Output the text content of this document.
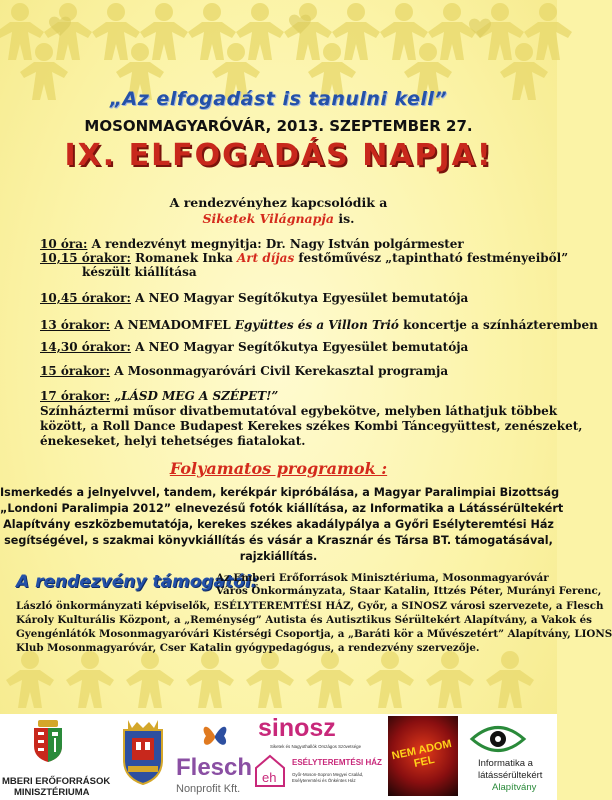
„Az elfogadást is tanulni kell”
MOSONMAGYARÓVÁR, 2013. SZEPTEMBER 27.
IX. ELFOGADÁS NAPJA!
A rendezvényhez kapcsolódik a
Siketek Világnapja is.
10 óra: A rendezvényt megnyitja: Dr. Nagy István polgármester
10,15 órakor: Romanek Inka Art díjas festőművész „tapintható festményeiből”
készült kiállítása
10,45 órakor: A NEO Magyar Segítőkutya Egyesület bemutatója
13 órakor: A NEMADOMFEL Együttes és a Villon Trió koncertje a színházteremben
14,30 órakor: A NEO Magyar Segítőkutya Egyesület bemutatója
15 órakor: A Mosonmagyaróvári Civil Kerekasztal programja
17 órakor: „LÁSD MEG A SZÉPET!”
Színháztermi műsor divatbemutatóval egybekötve, melyben láthatjuk többek
között, a Roll Dance Budapest Kerekes székes Kombi Táncegyüttest, zenészeket,
énekeseket, helyi tehetséges fiatalokat.
Folyamatos programok :
Ismerkedés a jelnyelvvel, tandem, kerékpár kipróbálása, a Magyar Paralimpiai Bizottság
„Londoni Paralimpia 2012” elnevezésű fotók kiállítása, az Informatika a Látássérültekért
Alapítvány eszközbemutatója, kerekes székes akadálypálya a Győri Esélyteremtési Ház
segítségével, s szakmai könyvkiállítás és vásár a Krasznár és Társa BT. támogatásával,
rajzkiállítás.
A rendezvény támogatói:
Az Emberi Erőforrások Minisztériuma, Mosonmagyaróvár
Város Önkormányzata, Staar Katalin, Ittzés Péter, Murányi Ferenc,
László önkormányzati képviselők, ESÉLYTEREMTÉSI HÁZ, Győr, a SINOSZ városi szervezete, a Flesch
Károly Kulturális Központ, a „Reménység” Autista és Autisztikus Sérültekért Alapítvány, a Vakok és
Gyengénlátók Mosonmagyaróvári Kistérségi Csoportja, a „Baráti kör a Művészetért” Alapítvány, LIONS
Klub Mosonmagyaróvár, Cser Katalin gyógypedagógus, a rendezvény szervezője.
MBERI ERŐFORRÁSOK
MINISZTÉRIUMA
Flesch
Nonprofit Kft.
sinosz
Siketek és Nagyothallók Országos Szövetsége
eh
ESÉLYTEREMTÉSI HÁZ
Győr-Moson-Sopron Megyei Család, Esélyteremtési és Önkéntes Ház
NEM ADOM FEL	Informatika a
látássérültekért
Alapítvány
